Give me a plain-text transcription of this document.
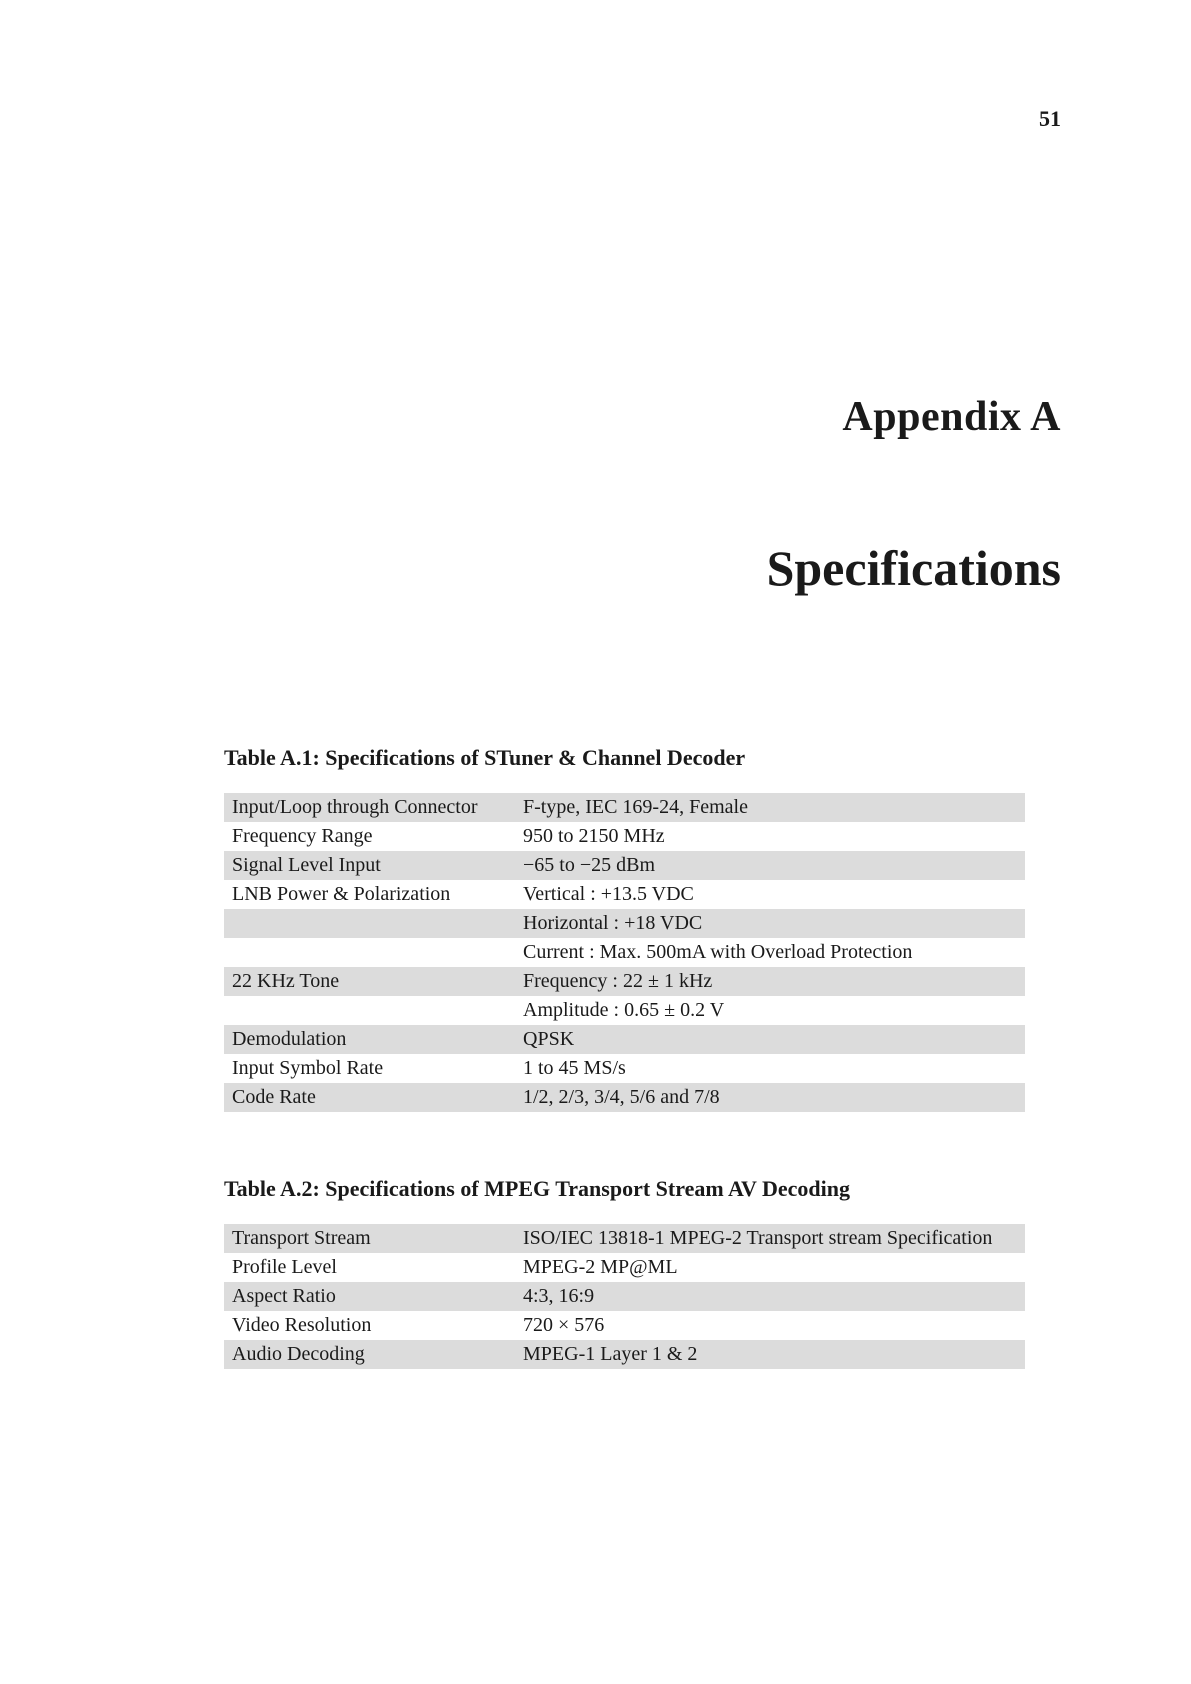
51
Appendix A
Specifications
Table A.1: Specifications of STuner & Channel Decoder
Input/Loop through Connector	F-type, IEC 169-24, Female
Frequency Range	950 to 2150 MHz
Signal Level Input	−65 to −25 dBm
LNB Power & Polarization	Vertical : +13.5 VDC
	Horizontal : +18 VDC
	Current : Max. 500mA with Overload Protection
22 KHz Tone	Frequency : 22 ± 1 kHz
	Amplitude : 0.65 ± 0.2 V
Demodulation	QPSK
Input Symbol Rate	1 to 45 MS/s
Code Rate	1/2, 2/3, 3/4, 5/6 and 7/8
Table A.2: Specifications of MPEG Transport Stream AV Decoding
Transport Stream	ISO/IEC 13818-1 MPEG-2 Transport stream Specification
Profile Level	MPEG-2 MP@ML
Aspect Ratio	4:3, 16:9
Video Resolution	720 × 576
Audio Decoding	MPEG-1 Layer 1 & 2
